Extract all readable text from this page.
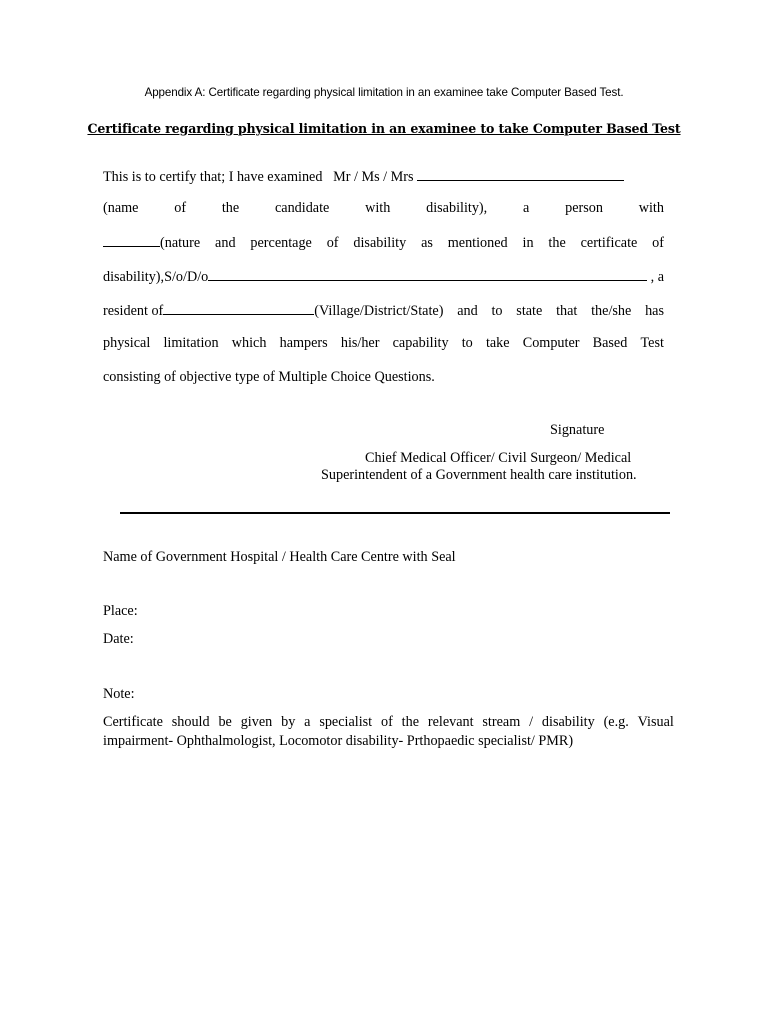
Appendix A: Certificate regarding physical limitation in an examinee take Computer Based Test.
Certificate regarding physical limitation in an examinee to take Computer Based Test
This is to certify that; I have examined Mr / Ms / Mrs
(name	of	the	candidate	with	disability),	a	person	with
(nature and percentage of disability as mentioned in the certificate of
disability),S/o/D/o	, a
resident of	(Village/District/State) and to state that the/she has
physical limitation which hampers his/her capability to take Computer Based Test
consisting of objective type of Multiple Choice Questions.
Signature
Chief Medical Officer/ Civil Surgeon/ Medical
Superintendent of a Government health care institution.
Name of Government Hospital / Health Care Centre with Seal
Place:
Date:
Note:
Certificate should be given by a specialist of the relevant stream / disability (e.g. Visual
impairment- Ophthalmologist, Locomotor disability- Prthopaedic specialist/ PMR)
